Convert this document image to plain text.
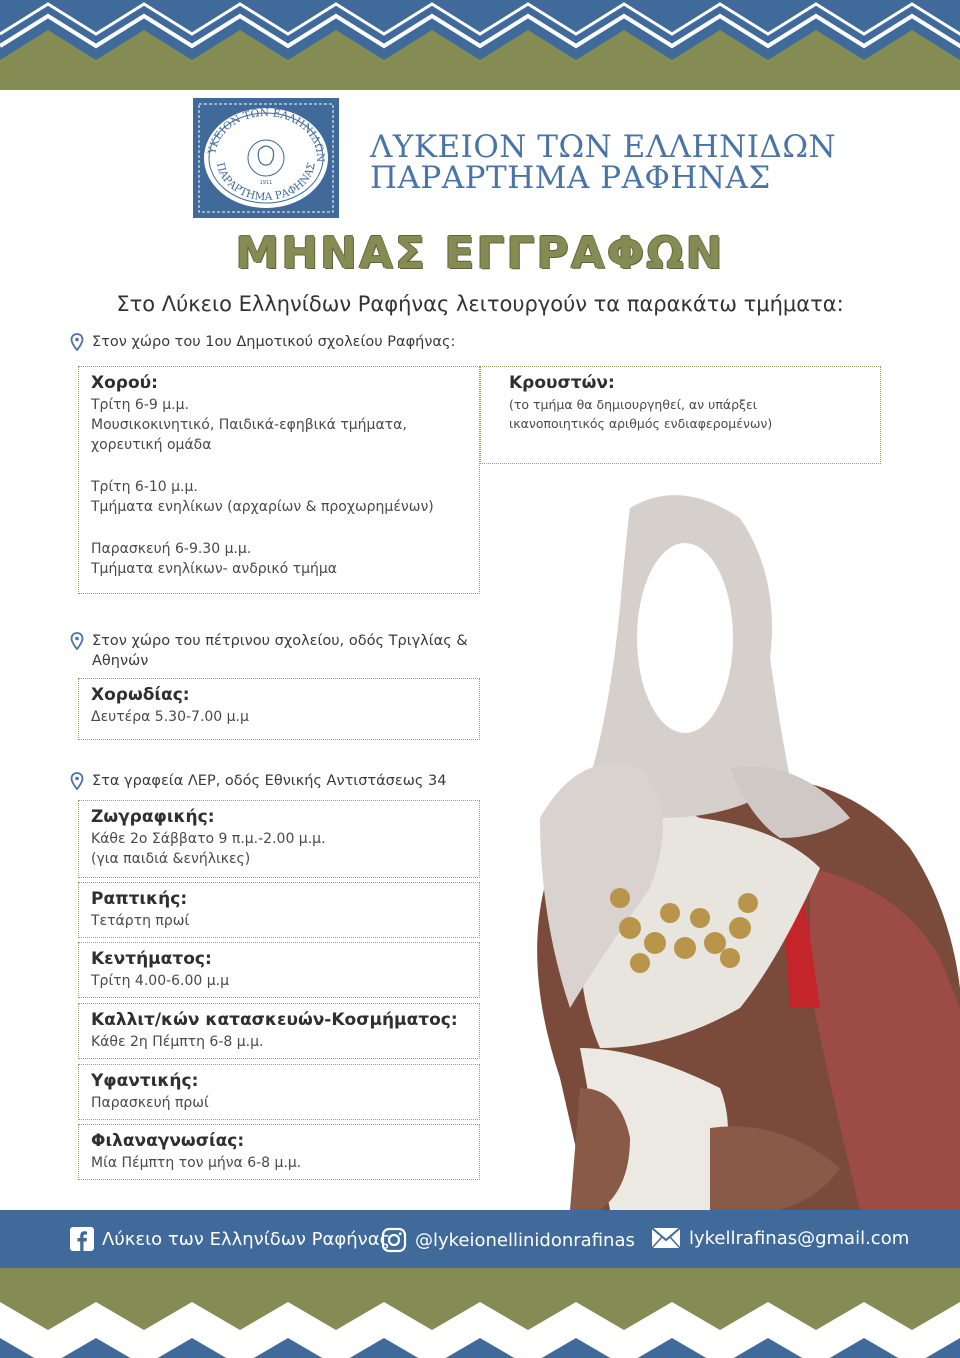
ΥΚΕΙΟΝ ΤΩΝ ΕΛΛΗΝΙΔΩΝ
ΠΑΡΑΡΤΗΜΑ ΡΑΦΗΝΑΣ
1911
ΛΥΚΕΙΟΝ ΤΩΝ ΕΛΛΗΝΙΔΩΝ
ΠΑΡΑΡΤΗΜΑ ΡΑΦΗΝΑΣ
ΜΗΝΑΣ ΕΓΓΡΑΦΩΝ
Στο Λύκειο Ελληνίδων Ραφήνας λειτουργούν τα παρακάτω τμήματα:
Στον χώρο του 1ου Δημοτικού σχολείου Ραφήνας:
Χορού:

Τρίτη 6-9 μ.μ.

Μουσικοκινητικό, Παιδικά-εφηβικά τμήματα,

χορευτική ομάδα

Τρίτη 6-10 μ.μ.

Τμήματα ενηλίκων (αρχαρίων & προχωρημένων)

Παρασκευή 6-9.30 μ.μ.

Τμήματα ενηλίκων- ανδρικό τμήμα

Κρουστών:

(το τμήμα θα δημιουργηθεί, αν υπάρξει

ικανοποιητικός αριθμός ενδιαφερομένων)

Στον χώρο του πέτρινου σχολείου, οδός Τριγλίας &
Αθηνών
Χορωδίας:

Δευτέρα 5.30-7.00 μ.μ

Στα γραφεία ΛΕΡ, οδός Εθνικής Αντιστάσεως 34
Ζωγραφικής:

Κάθε 2ο Σάββατο 9 π.μ.-2.00 μ.μ.

(για παιδιά &ενήλικες)

Ραπτικής:

Τετάρτη πρωί

Κεντήματος:

Τρίτη 4.00-6.00 μ.μ

Καλλιτ/κών κατασκευών-Κοσμήματος:

Κάθε 2η Πέμπτη 6-8 μ.μ.

Υφαντικής:

Παρασκευή πρωί

Φιλαναγνωσίας:

Μία Πέμπτη τον μήνα 6-8 μ.μ.

Λύκειο των Ελληνίδων Ραφήνας @lykeionellinidonrafinas	lykellrafinas@gmail.com
